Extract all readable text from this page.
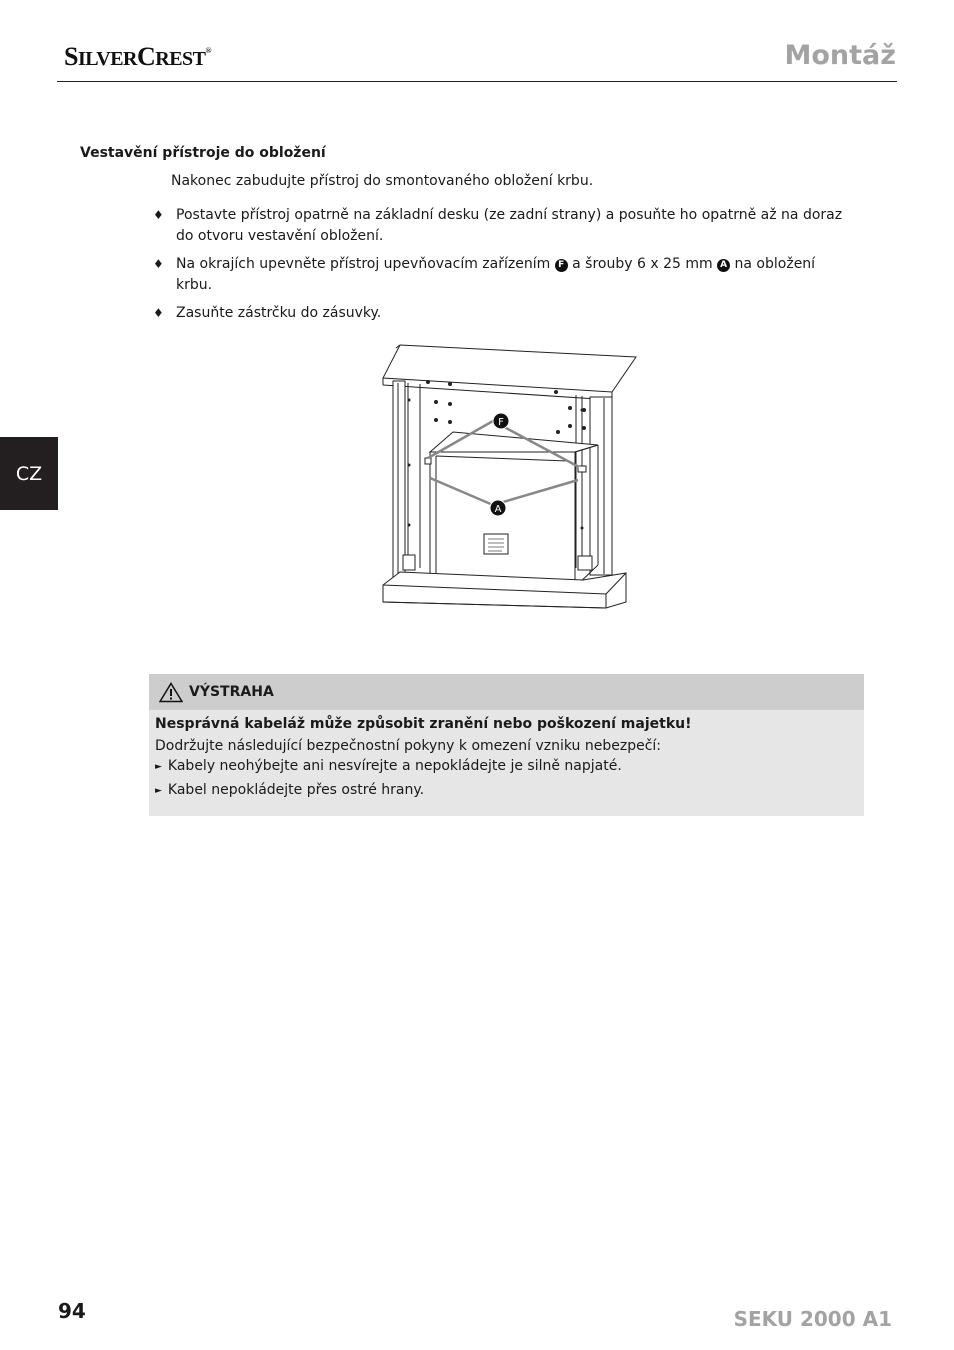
SILVERCREST®	Montáž
CZ
Vestavění přístroje do obložení
Nakonec zabudujte přístroj do smontovaného obložení krbu.
♦ Postavte přístroj opatrně na základní desku (ze zadní strany) a posuňte ho opatrně až na doraz do otvoru vestavění obložení.
♦ Na okrajích upevněte přístroj upevňovacím zařízením F a šrouby 6 x 25 mm A na obložení krbu.
♦ Zasuňte zástrčku do zásuvky.
F
A
VÝSTRAHA
Nesprávná kabeláž může způsobit zranění nebo poškození majetku!
Dodržujte následující bezpečnostní pokyny k omezení vzniku nebezpečí:
► Kabely neohýbejte ani nesvírejte a nepokládejte je silně napjaté.
► Kabel nepokládejte přes ostré hrany.
94	SEKU 2000 A1
